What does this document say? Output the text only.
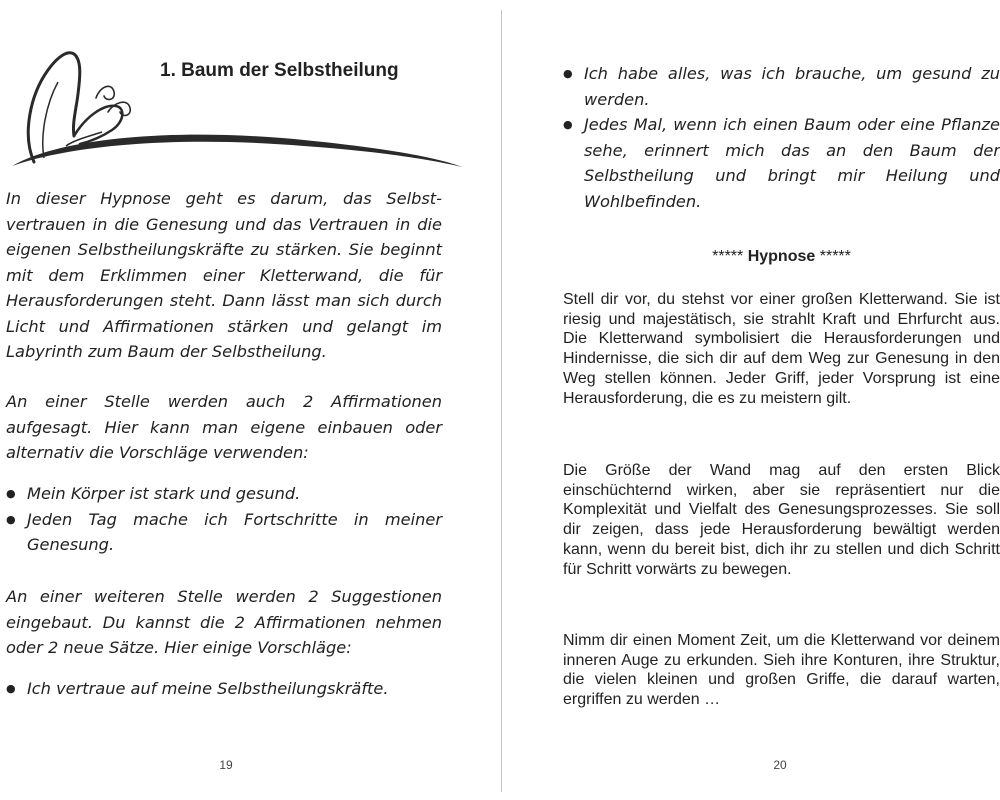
1. Baum der Selbstheilung

In dieser Hypnose geht es darum, das Selbst-vertrauen in die Genesung und das Vertrauen in die eigenen Selbstheilungskräfte zu stärken. Sie beginnt mit dem Erklimmen einer Kletterwand, die für Herausforderungen steht. Dann lässt man sich durch Licht und Affirmationen stärken und gelangt im Labyrinth zum Baum der Selbstheilung.

An einer Stelle werden auch 2 Affirmationen aufgesagt. Hier kann man eigene einbauen oder alternativ die Vorschläge verwenden:

● Mein Körper ist stark und gesund.
● Jeden Tag mache ich Fortschritte in meiner Genesung.

An einer weiteren Stelle werden 2 Suggestionen eingebaut. Du kannst die 2 Affirmationen nehmen oder 2 neue Sätze. Hier einige Vorschläge:

● Ich vertraue auf meine Selbstheilungskräfte.
19
● Ich habe alles, was ich brauche, um gesund zu werden.
● Jedes Mal, wenn ich einen Baum oder eine Pflanze sehe, erinnert mich das an den Baum der Selbstheilung und bringt mir Heilung und Wohlbefinden.
***** Hypnose *****

Stell dir vor, du stehst vor einer großen Kletterwand. Sie ist riesig und majestätisch, sie strahlt Kraft und Ehrfurcht aus. Die Kletterwand symbolisiert die Herausforderungen und Hindernisse, die sich dir auf dem Weg zur Genesung in den Weg stellen können. Jeder Griff, jeder Vorsprung ist eine Herausforderung, die es zu meistern gilt.

Die Größe der Wand mag auf den ersten Blick einschüchternd wirken, aber sie repräsentiert nur die Komplexität und Vielfalt des Genesungsprozesses. Sie soll dir zeigen, dass jede Herausforderung bewältigt werden kann, wenn du bereit bist, dich ihr zu stellen und dich Schritt für Schritt vorwärts zu bewegen.

Nimm dir einen Moment Zeit, um die Kletterwand vor deinem inneren Auge zu erkunden. Sieh ihre Konturen, ihre Struktur, die vielen kleinen und großen Griffe, die darauf warten, ergriffen zu werden …

20
